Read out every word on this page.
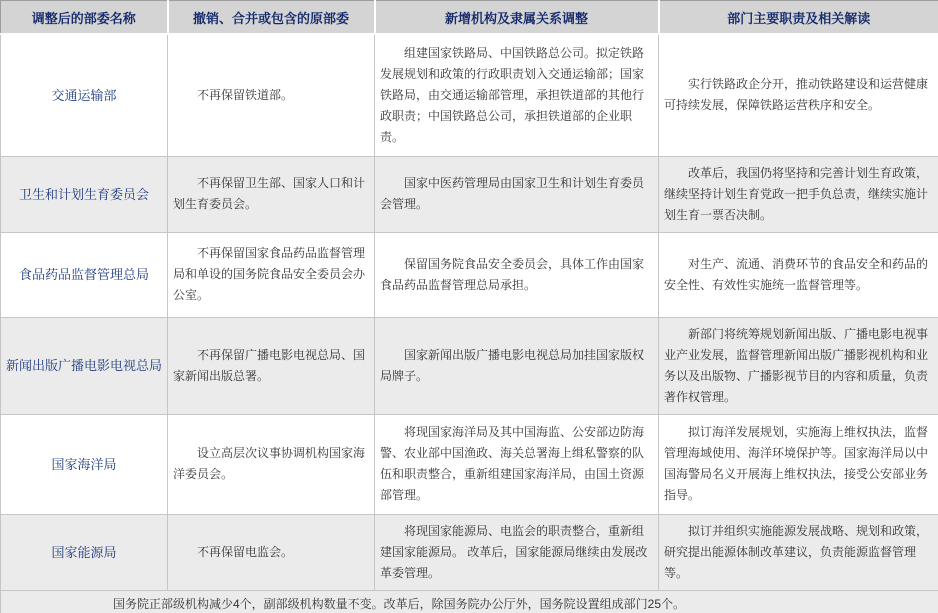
调整后的部委名称	撤销、合并或包含的原部委	新增机构及隶属关系调整	部门主要职责及相关解读
交通运输部	不再保留铁道部。	组建国家铁路局、中国铁路总公司。拟定铁路发展规划和政策的行政职责划入交通运输部；国家铁路局，由交通运输部管理，承担铁道部的其他行政职责；中国铁路总公司，承担铁道部的企业职责。	实行铁路政企分开，推动铁路建设和运营健康可持续发展，保障铁路运营秩序和安全。
卫生和计划生育委员会	不再保留卫生部、国家人口和计划生育委员会。	国家中医药管理局由国家卫生和计划生育委员会管理。	改革后，我国仍将坚持和完善计划生育政策，继续坚持计划生育党政一把手负总责，继续实施计划生育一票否决制。
食品药品监督管理总局	不再保留国家食品药品监督管理局和单设的国务院食品安全委员会办公室。	保留国务院食品安全委员会，具体工作由国家食品药品监督管理总局承担。	对生产、流通、消费环节的食品安全和药品的安全性、有效性实施统一监督管理等。
新闻出版广播电影电视总局	不再保留广播电影电视总局、国家新闻出版总署。	国家新闻出版广播电影电视总局加挂国家版权局牌子。	新部门将统筹规划新闻出版、广播电影电视事业产业发展，监督管理新闻出版广播影视机构和业务以及出版物、广播影视节目的内容和质量，负责著作权管理。
国家海洋局	设立高层次议事协调机构国家海洋委员会。	将现国家海洋局及其中国海监、公安部边防海警、农业部中国渔政、海关总署海上缉私警察的队伍和职责整合，重新组建国家海洋局，由国土资源部管理。	拟订海洋发展规划，实施海上维权执法，监督管理海域使用、海洋环境保护等。国家海洋局以中国海警局名义开展海上维权执法，接受公安部业务指导。
国家能源局	不再保留电监会。	将现国家能源局、电监会的职责整合，重新组建国家能源局。 改革后，国家能源局继续由发展改革委管理。	拟订并组织实施能源发展战略、规划和政策，研究提出能源体制改革建议，负责能源监督管理等。
国务院正部级机构减少4个，副部级机构数量不变。改革后，除国务院办公厅外，国务院设置组成部门25个。			
